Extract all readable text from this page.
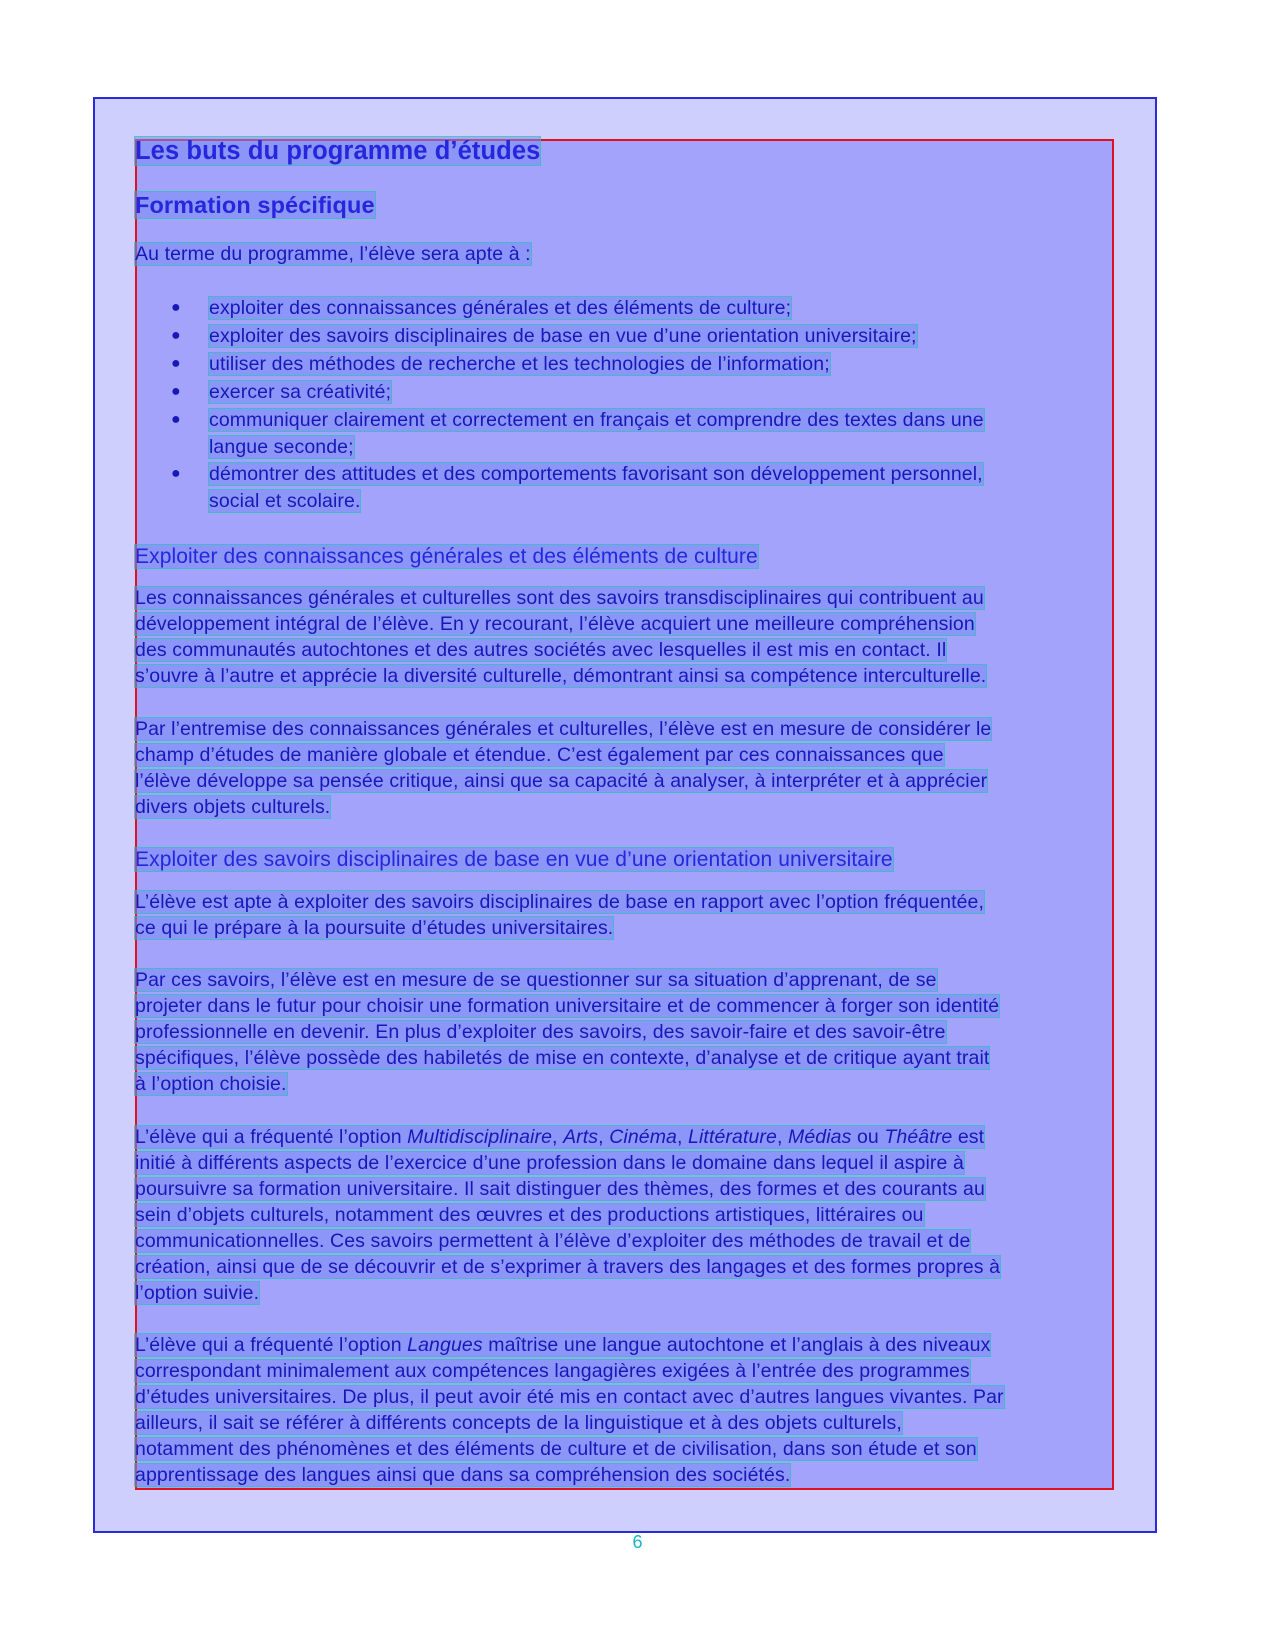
Les buts du programme d’études
Formation spécifique
Au terme du programme, l’élève sera apte à :
● exploiter des connaissances générales et des éléments de culture;
● exploiter des savoirs disciplinaires de base en vue d’une orientation universitaire;
● utiliser des méthodes de recherche et les technologies de l’information;
● exercer sa créativité;
● communiquer clairement et correctement en français et comprendre des textes dans une
langue seconde;
● démontrer des attitudes et des comportements favorisant son développement personnel,
social et scolaire.
Exploiter des connaissances générales et des éléments de culture
Les connaissances générales et culturelles sont des savoirs transdisciplinaires qui contribuent au
développement intégral de l’élève. En y recourant, l’élève acquiert une meilleure compréhension
des communautés autochtones et des autres sociétés avec lesquelles il est mis en contact. Il
s’ouvre à l’autre et apprécie la diversité culturelle, démontrant ainsi sa compétence interculturelle.
Par l’entremise des connaissances générales et culturelles, l’élève est en mesure de considérer le
champ d’études de manière globale et étendue. C’est également par ces connaissances que
l’élève développe sa pensée critique, ainsi que sa capacité à analyser, à interpréter et à apprécier
divers objets culturels.
Exploiter des savoirs disciplinaires de base en vue d’une orientation universitaire
L’élève est apte à exploiter des savoirs disciplinaires de base en rapport avec l’option fréquentée,
ce qui le prépare à la poursuite d’études universitaires.
Par ces savoirs, l’élève est en mesure de se questionner sur sa situation d’apprenant, de se
projeter dans le futur pour choisir une formation universitaire et de commencer à forger son identité
professionnelle en devenir. En plus d’exploiter des savoirs, des savoir-faire et des savoir-être
spécifiques, l’élève possède des habiletés de mise en contexte, d’analyse et de critique ayant trait
à l’option choisie.
L’élève qui a fréquenté l’option Multidisciplinaire, Arts, Cinéma, Littérature, Médias ou Théâtre est
initié à différents aspects de l’exercice d’une profession dans le domaine dans lequel il aspire à
poursuivre sa formation universitaire. Il sait distinguer des thèmes, des formes et des courants au
sein d’objets culturels, notamment des œuvres et des productions artistiques, littéraires ou
communicationnelles. Ces savoirs permettent à l’élève d’exploiter des méthodes de travail et de
création, ainsi que de se découvrir et de s’exprimer à travers des langages et des formes propres à
l’option suivie.
L’élève qui a fréquenté l’option Langues maîtrise une langue autochtone et l’anglais à des niveaux
correspondant minimalement aux compétences langagières exigées à l’entrée des programmes
d’études universitaires. De plus, il peut avoir été mis en contact avec d’autres langues vivantes. Par
ailleurs, il sait se référer à différents concepts de la linguistique et à des objets culturels,
notamment des phénomènes et des éléments de culture et de civilisation, dans son étude et son
apprentissage des langues ainsi que dans sa compréhension des sociétés.
6
